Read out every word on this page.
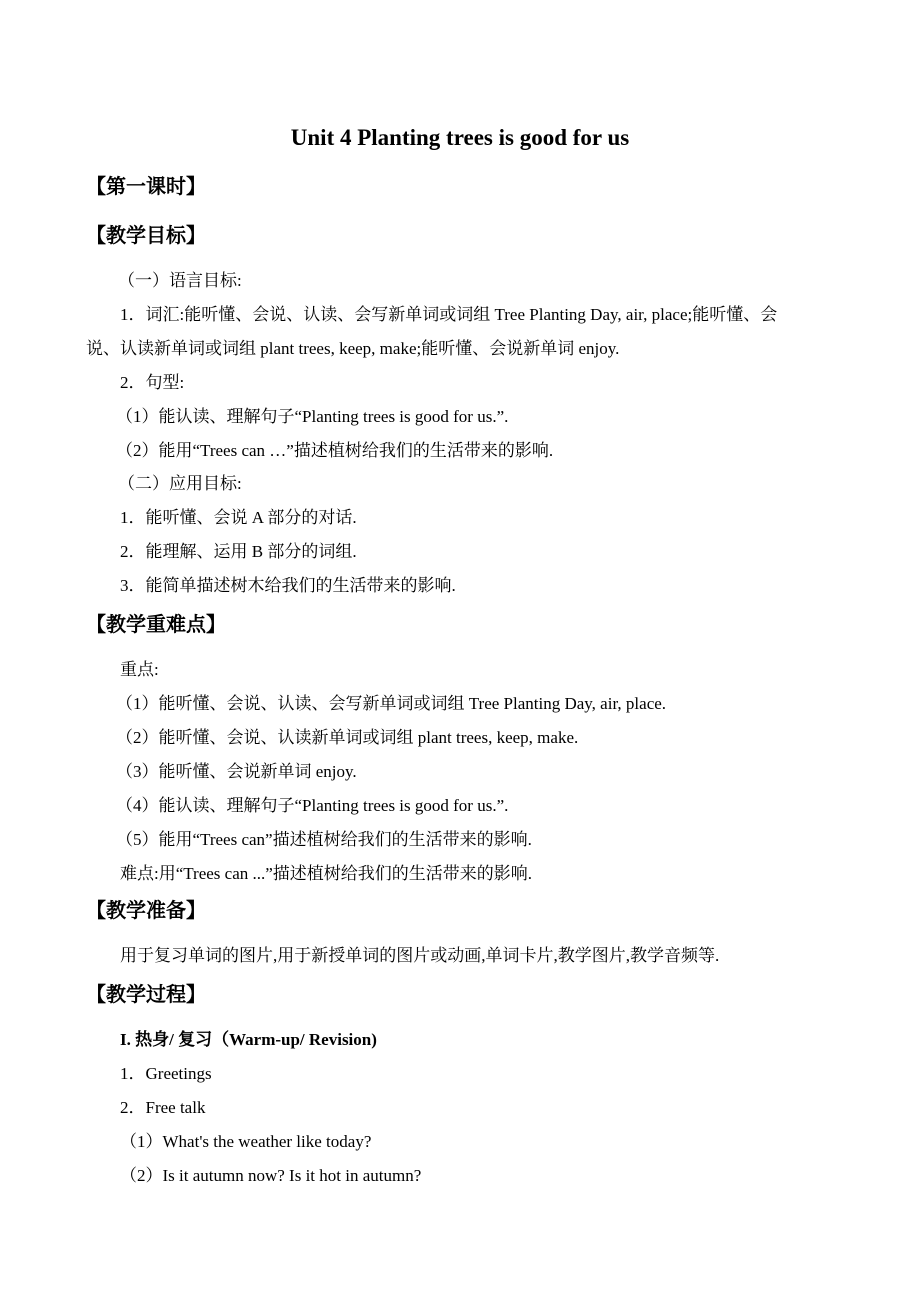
Unit 4 Planting trees is good for us
【第一课时】
【教学目标】
（一）语言目标:
1．词汇:能听懂、会说、认读、会写新单词或词组 Tree Planting Day, air, place;能听懂、会
说、认读新单词或词组 plant trees, keep, make;能听懂、会说新单词 enjoy.
2．句型:
（1）能认读、理解句子“Planting trees is good for us.”.
（2）能用“Trees can …”描述植树给我们的生活带来的影响.
（二）应用目标:
1．能听懂、会说 A 部分的对话.
2．能理解、运用 B 部分的词组.
3．能简单描述树木给我们的生活带来的影响.
【教学重难点】
重点:
（1）能听懂、会说、认读、会写新单词或词组 Tree Planting Day, air, place.
（2）能听懂、会说、认读新单词或词组 plant trees, keep, make.
（3）能听懂、会说新单词 enjoy.
（4）能认读、理解句子“Planting trees is good for us.”.
（5）能用“Trees can”描述植树给我们的生活带来的影响.
难点:用“Trees can ...”描述植树给我们的生活带来的影响.
【教学准备】
用于复习单词的图片,用于新授单词的图片或动画,单词卡片,教学图片,教学音频等.
【教学过程】
I. 热身/ 复习（Warm-up/ Revision)
1．Greetings
2．Free talk
（1）What's the weather like today?
（2）Is it autumn now? Is it hot in autumn?
